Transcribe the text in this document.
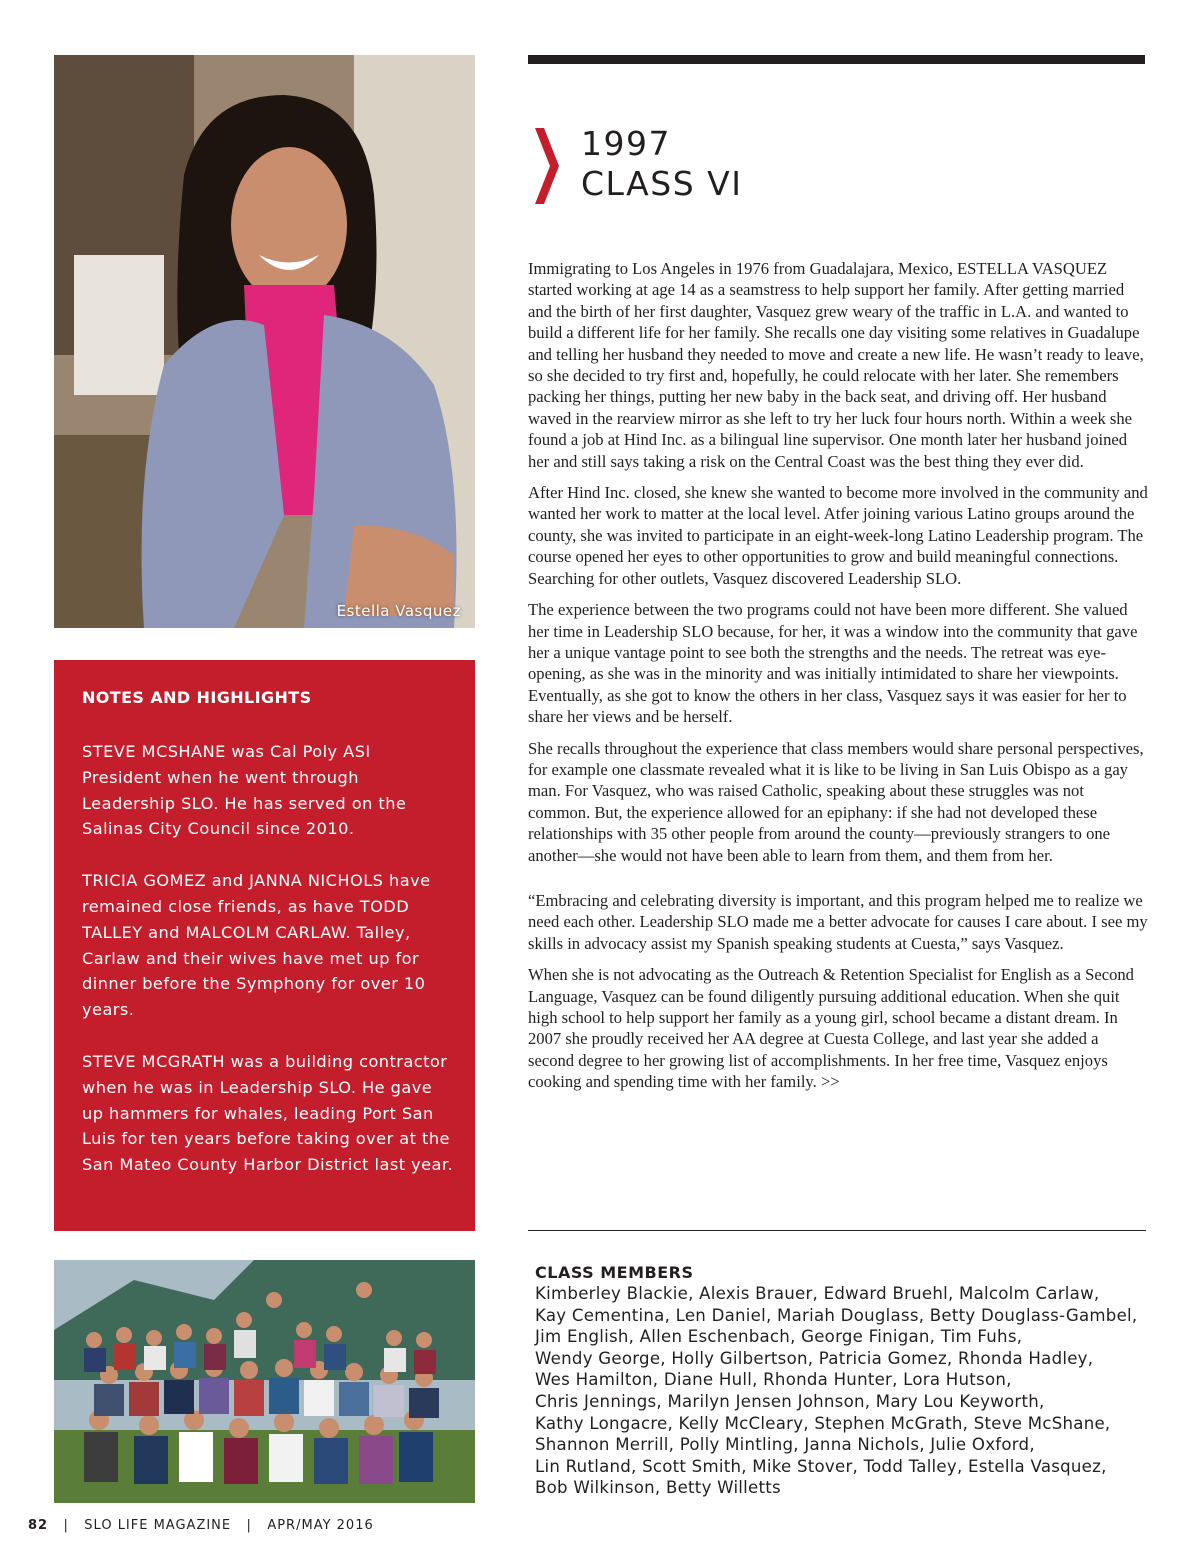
Estella Vasquez
NOTES AND HIGHLIGHTS

STEVE MCSHANE was Cal Poly ASI President when he went through Leadership SLO. He has served on the Salinas City Council since 2010.

TRICIA GOMEZ and JANNA NICHOLS have remained close friends, as have TODD TALLEY and MALCOLM CARLAW. Talley, Carlaw and their wives have met up for dinner before the Symphony for over 10 years.

STEVE MCGRATH was a building contractor when he was in Leadership SLO. He gave up hammers for whales, leading Port San Luis for ten years before taking over at the San Mateo County Harbor District last year.

82 | SLO LIFE MAGAZINE | APR/MAY 2016
1997
CLASS VI

Immigrating to Los Angeles in 1976 from Guadalajara, Mexico, ESTELLA VASQUEZ started working at age 14 as a seamstress to help support her family. After getting married and the birth of her first daughter, Vasquez grew weary of the traffic in L.A. and wanted to build a different life for her family. She recalls one day visiting some relatives in Guadalupe and telling her husband they needed to move and create a new life. He wasn’t ready to leave, so she decided to try first and, hopefully, he could relocate with her later. She remembers packing her things, putting her new baby in the back seat, and driving off. Her husband waved in the rearview mirror as she left to try her luck four hours north. Within a week she found a job at Hind Inc. as a bilingual line supervisor. One month later her husband joined her and still says taking a risk on the Central Coast was the best thing they ever did.

After Hind Inc. closed, she knew she wanted to become more involved in the community and wanted her work to matter at the local level. Atfer joining various Latino groups around the county, she was invited to participate in an eight-week-long Latino Leadership program. The course opened her eyes to other opportunities to grow and build meaningful connections. Searching for other outlets, Vasquez discovered Leadership SLO.

The experience between the two programs could not have been more different. She valued her time in Leadership SLO because, for her, it was a window into the community that gave her a unique vantage point to see both the strengths and the needs. The retreat was eye-opening, as she was in the minority and was initially intimidated to share her viewpoints. Eventually, as she got to know the others in her class, Vasquez says it was easier for her to share her views and be herself.

She recalls throughout the experience that class members would share personal perspectives, for example one classmate revealed what it is like to be living in San Luis Obispo as a gay man. For Vasquez, who was raised Catholic, speaking about these struggles was not common. But, the experience allowed for an epiphany: if she had not developed these relationships with 35 other people from around the county—previously strangers to one another—she would not have been able to learn from them, and them from her.

“Embracing and celebrating diversity is important, and this program helped me to realize we need each other. Leadership SLO made me a better advocate for causes I care about. I see my skills in advocacy assist my Spanish speaking students at Cuesta,” says Vasquez.

When she is not advocating as the Outreach & Retention Specialist for English as a Second Language, Vasquez can be found diligently pursuing additional education. When she quit high school to help support her family as a young girl, school became a distant dream. In 2007 she proudly received her AA degree at Cuesta College, and last year she added a second degree to her growing list of accomplishments. In her free time, Vasquez enjoys cooking and spending time with her family. >>

CLASS MEMBERS
Kimberley Blackie, Alexis Brauer, Edward Bruehl, Malcolm Carlaw,
Kay Cementina, Len Daniel, Mariah Douglass, Betty Douglass-Gambel,
Jim English, Allen Eschenbach, George Finigan, Tim Fuhs,
Wendy George, Holly Gilbertson, Patricia Gomez, Rhonda Hadley,
Wes Hamilton, Diane Hull, Rhonda Hunter, Lora Hutson,
Chris Jennings, Marilyn Jensen Johnson, Mary Lou Keyworth,
Kathy Longacre, Kelly McCleary, Stephen McGrath, Steve McShane,
Shannon Merrill, Polly Mintling, Janna Nichols, Julie Oxford,
Lin Rutland, Scott Smith, Mike Stover, Todd Talley, Estella Vasquez,
Bob Wilkinson, Betty Willetts
